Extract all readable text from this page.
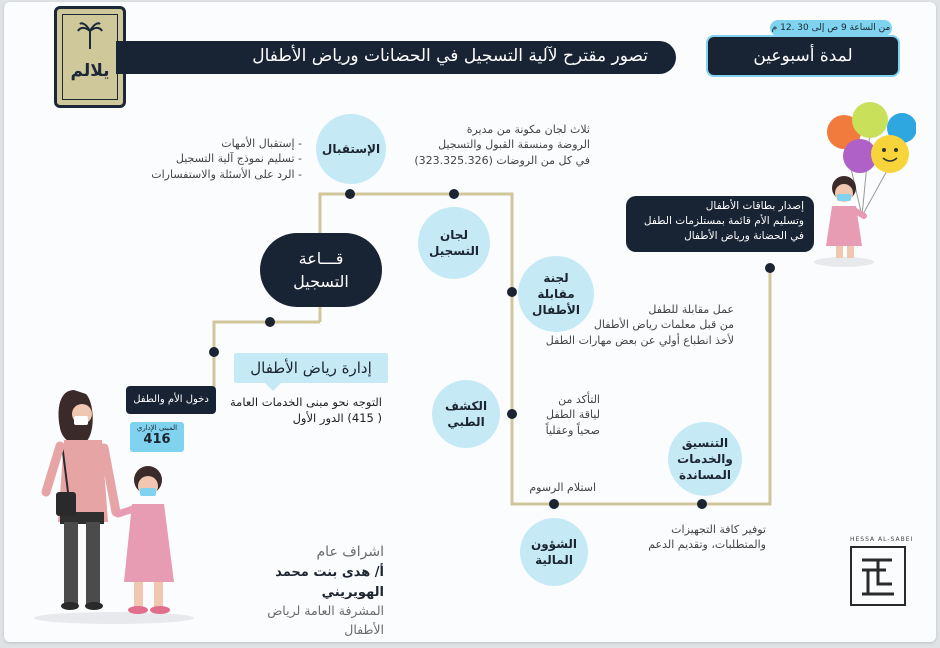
يلالم
تصور مقترح لآلية التسجيل في الحضانات ورياض الأطفال ❝
من الساعة 9 ص إلى 30 .12 م
لمدة أسبوعين
الإستقبال
- إستقبال الأمهات
- تسليم نموذج آلية التسجيل
- الرد على الأسئلة والاستفسارات
ثلاث لجان مكونة من مديرة
الروضة ومنسقة القبول والتسجيل
في كل من الروضات (323.325.326)
لجان التسجيل
قـــاعة
التسجيل	لجنة
مقابلة
الأطفال	عمل مقابلة للطفل
من قبل معلمات رياض الأطفال
لأخذ انطباع أولي عن بعض مهارات الطفل
إدارة رياض الأطفال
التوجه نحو مبنى الخدمات العامة
( 415) الدور الأول
دخول الأم والطفل
المبنى الإداري
416
الكشف
الطبي
التأكد من
لياقة الطفل
صحياً وعقلياً
استلام الرسوم
الشؤون
المالية
التنسيق
والخدمات
المساندة
توفير كافة التجهيزات
والمتطلبات، وتقديم الدعم
إصدار بطاقات الأطفال
وتسليم الأم قائمة بمستلزمات الطفل
في الحضانة ورياض الأطفال
اشراف عام
أ/ هدى بنت محمد الهويريني
المشرفة العامة لرياض الأطفال
HESSA AL-SABEI
